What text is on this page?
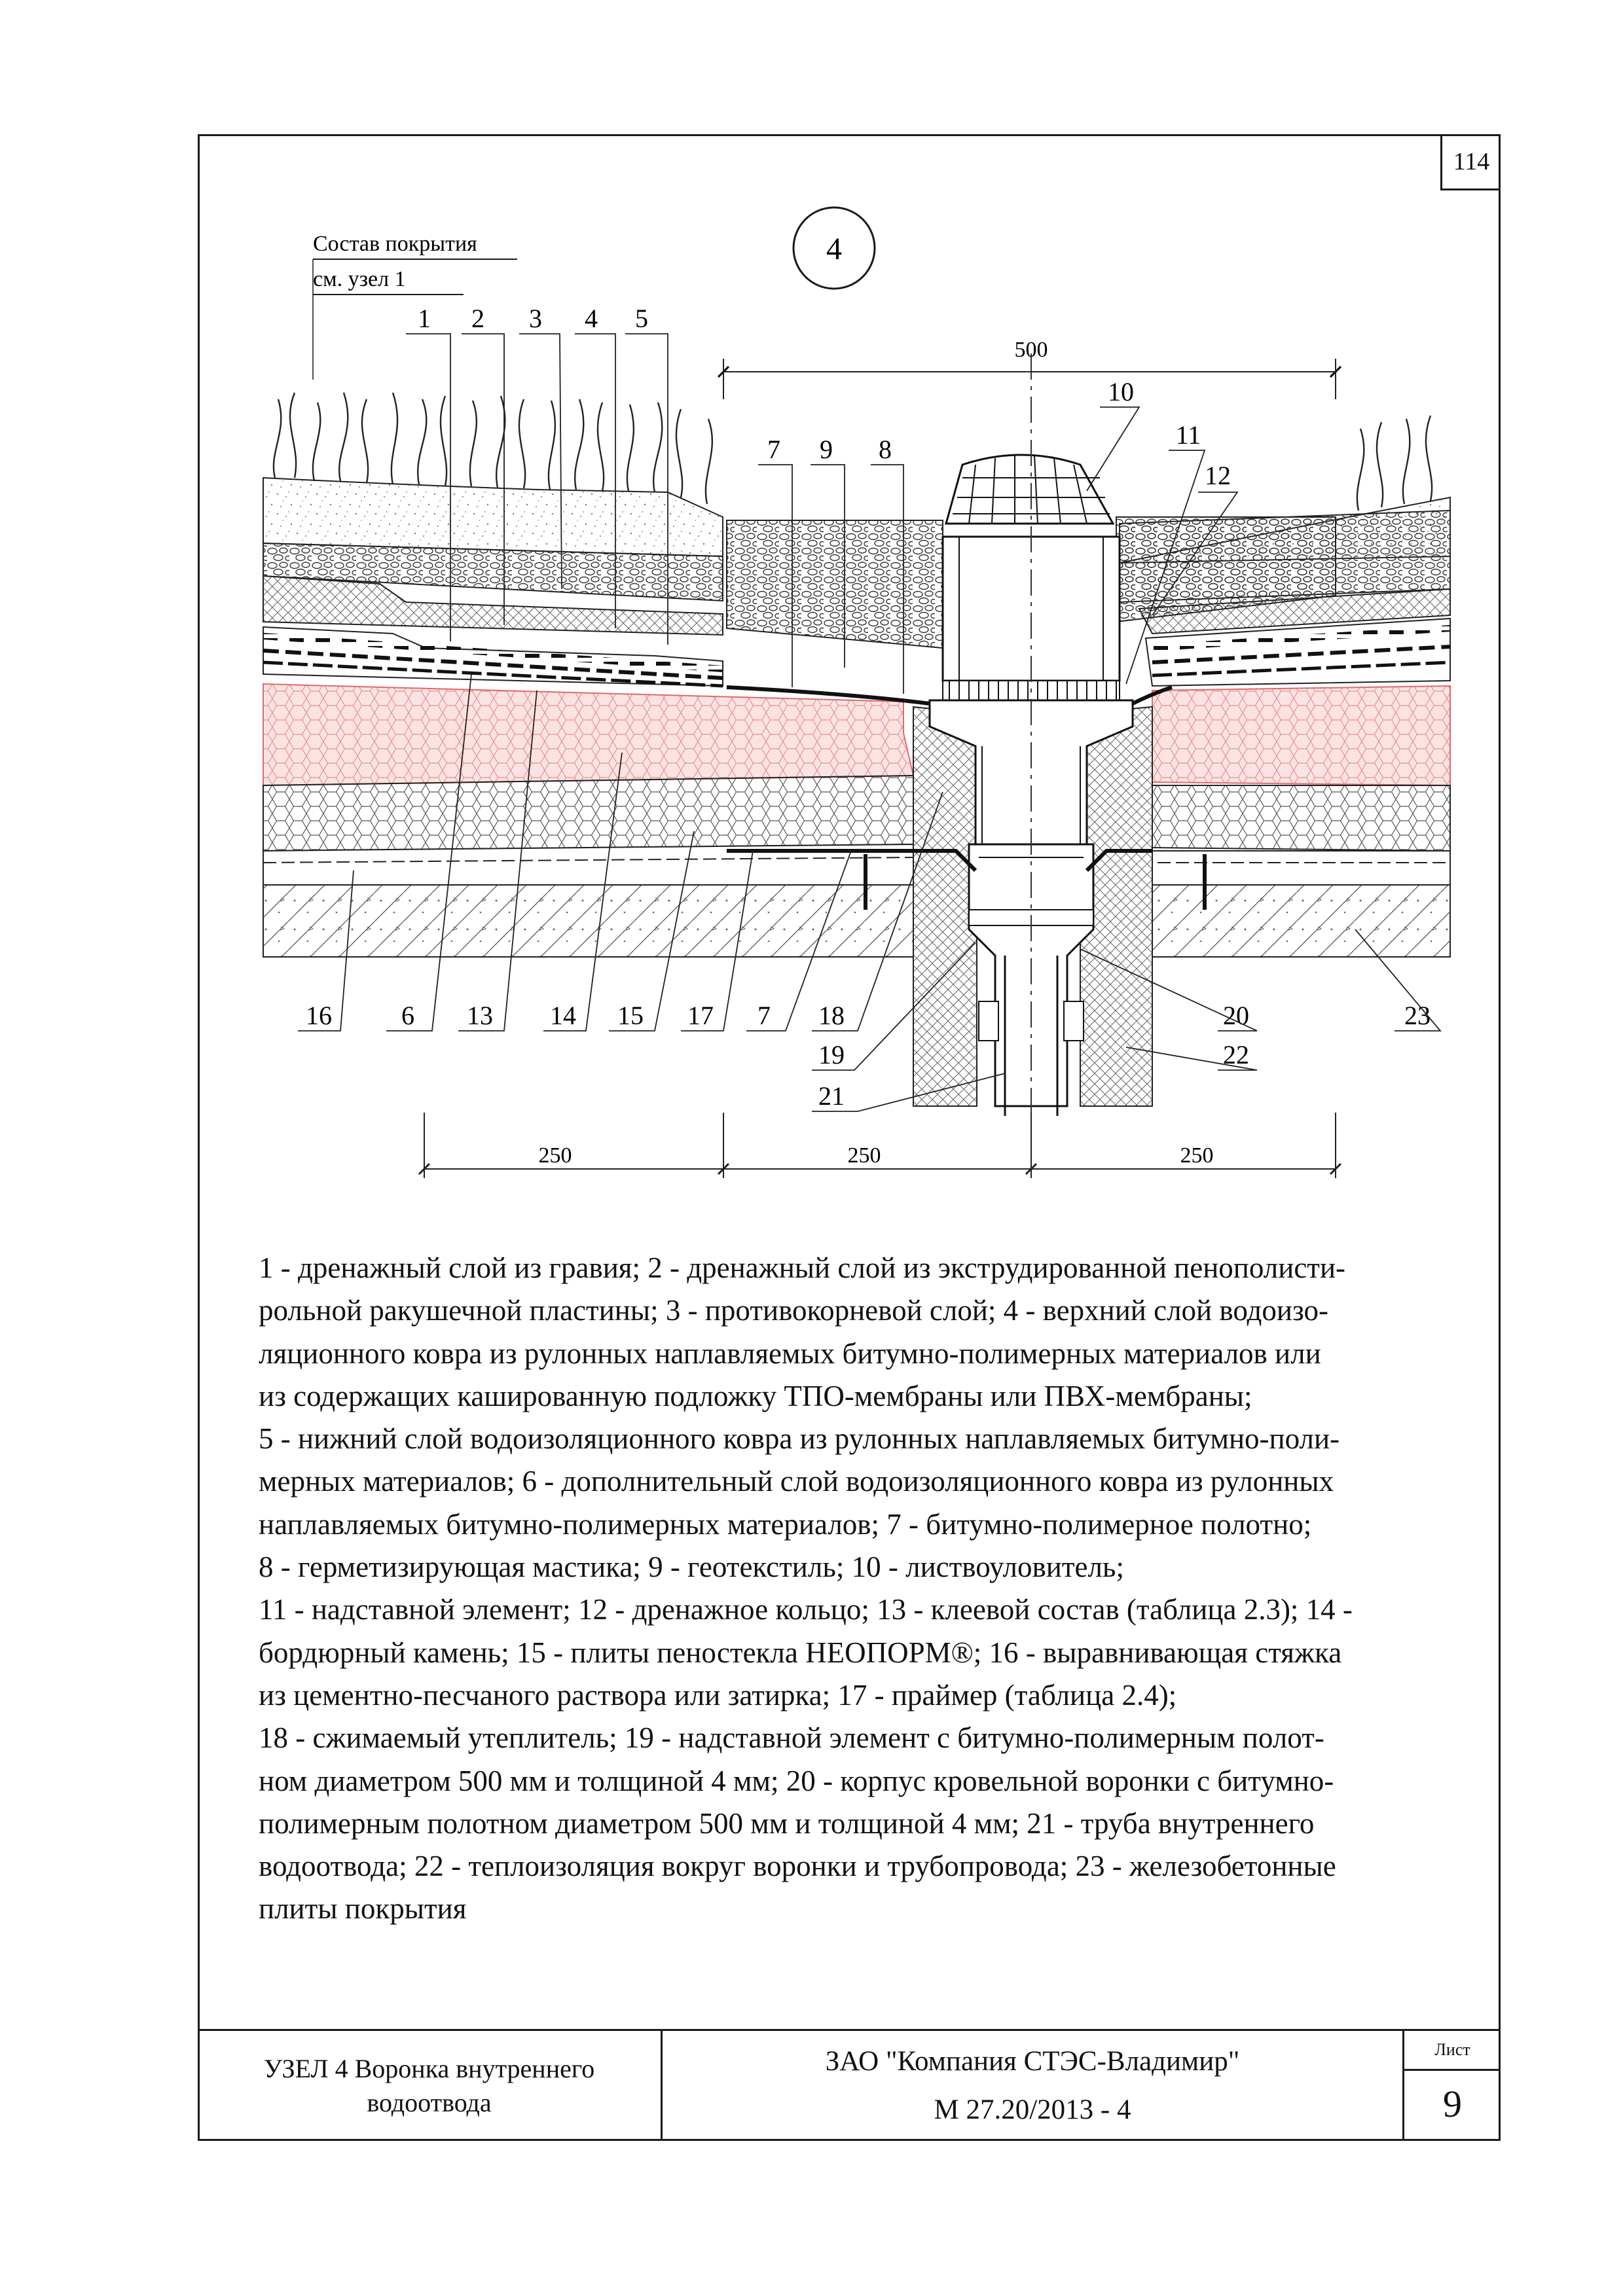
114
4
Состав покрытия
см. узел 1
1 2 3 4 5
7 9 8
10
11
12
500
16	6 13 14 15 17 7 18
19
21
20
22
23
250	250	250

1 - дренажный слой из гравия; 2 - дренажный слой из экструдированной пенополисти-

рольной ракушечной пластины; 3 - противокорневой слой; 4 - верхний слой водоизо-

ляционного ковра из рулонных наплавляемых битумно-полимерных материалов или

из содержащих кашированную подложку ТПО-мембраны или ПВХ-мембраны;

5 - нижний слой водоизоляционного ковра из рулонных наплавляемых битумно-поли-

мерных материалов; 6 - дополнительный слой водоизоляционного ковра из рулонных

наплавляемых битумно-полимерных материалов; 7 - битумно-полимерное полотно;

8 - герметизирующая мастика; 9 - геотекстиль; 10 - листвоуловитель;

11 - надставной элемент; 12 - дренажное кольцо; 13 - клеевой состав (таблица 2.3); 14 -

бордюрный камень; 15 - плиты пеностекла НЕОПОРМ®; 16 - выравнивающая стяжка

из цементно-песчаного раствора или затирка; 17 - праймер (таблица 2.4);

18 - сжимаемый утеплитель; 19 - надставной элемент с битумно-полимерным полот-

ном диаметром 500 мм и толщиной 4 мм; 20 - корпус кровельной воронки с битумно-

полимерным полотном диаметром 500 мм и толщиной 4 мм; 21 - труба внутреннего

водоотвода; 22 - теплоизоляция вокруг воронки и трубопровода; 23 - железобетонные

плиты покрытия

УЗЕЛ 4 Воронка внутреннего
водоотвода
ЗАО "Компания СТЭС-Владимир"
М 27.20/2013 - 4
Лист
9
